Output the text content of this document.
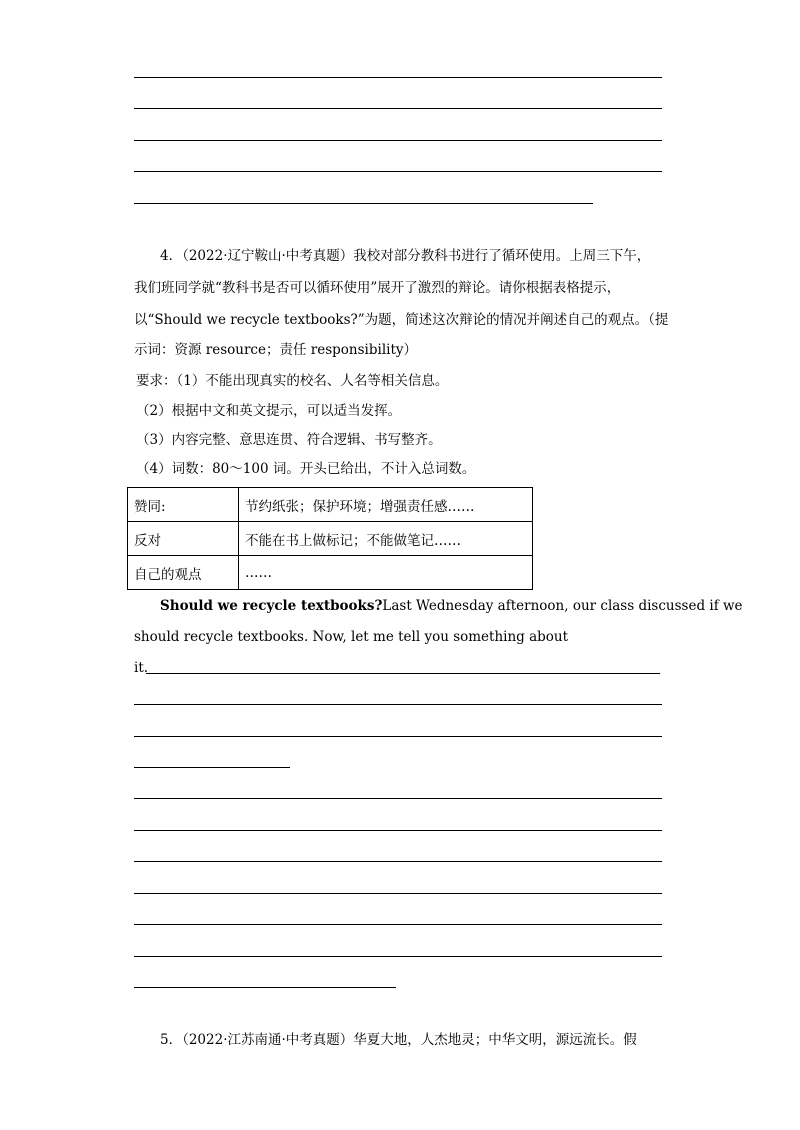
4．（2022·辽宁鞍山·中考真题）我校对部分教科书进行了循环使用。上周三下午，
我们班同学就“教科书是否可以循环使用”展开了激烈的辩论。请你根据表格提示，
以“Should we recycle textbooks?”为题，简述这次辩论的情况并阐述自己的观点。（提
示词：资源 resource；责任 responsibility）
要求：（1）不能出现真实的校名、人名等相关信息。
（2）根据中文和英文提示，可以适当发挥。
（3）内容完整、意思连贯、符合逻辑、书写整齐。
（4）词数：80～100 词。开头已给出，不计入总词数。
赞同:	节约纸张；保护环境；增强责任感……
反对	不能在书上做标记；不能做笔记……
自己的观点	……
Should we recycle textbooks?Last Wednesday afternoon, our class discussed if we
should recycle textbooks. Now, let me tell you something about
it.
5．（2022·江苏南通·中考真题）华夏大地，人杰地灵；中华文明，源远流长。假
